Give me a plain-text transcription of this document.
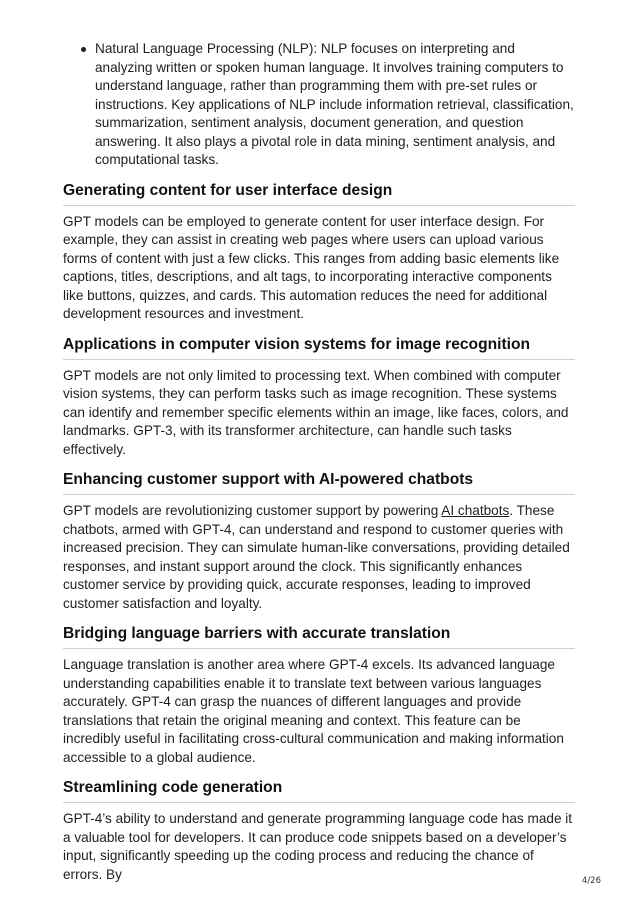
Natural Language Processing (NLP): NLP focuses on interpreting and analyzing written or spoken human language. It involves training computers to understand language, rather than programming them with pre-set rules or instructions. Key applications of NLP include information retrieval, classification, summarization, sentiment analysis, document generation, and question answering. It also plays a pivotal role in data mining, sentiment analysis, and computational tasks.
Generating content for user interface design

GPT models can be employed to generate content for user interface design. For example, they can assist in creating web pages where users can upload various forms of content with just a few clicks. This ranges from adding basic elements like captions, titles, descriptions, and alt tags, to incorporating interactive components like buttons, quizzes, and cards. This automation reduces the need for additional development resources and investment.

Applications in computer vision systems for image recognition

GPT models are not only limited to processing text. When combined with computer vision systems, they can perform tasks such as image recognition. These systems can identify and remember specific elements within an image, like faces, colors, and landmarks. GPT-3, with its transformer architecture, can handle such tasks effectively.

Enhancing customer support with AI-powered chatbots

GPT models are revolutionizing customer support by powering AI chatbots. These chatbots, armed with GPT-4, can understand and respond to customer queries with increased precision. They can simulate human-like conversations, providing detailed responses, and instant support around the clock. This significantly enhances customer service by providing quick, accurate responses, leading to improved customer satisfaction and loyalty.

Bridging language barriers with accurate translation

Language translation is another area where GPT-4 excels. Its advanced language understanding capabilities enable it to translate text between various languages accurately. GPT-4 can grasp the nuances of different languages and provide translations that retain the original meaning and context. This feature can be incredibly useful in facilitating cross-cultural communication and making information accessible to a global audience.

Streamlining code generation

GPT-4’s ability to understand and generate programming language code has made it a valuable tool for developers. It can produce code snippets based on a developer’s input, significantly speeding up the coding process and reducing the chance of errors. By	4/26
